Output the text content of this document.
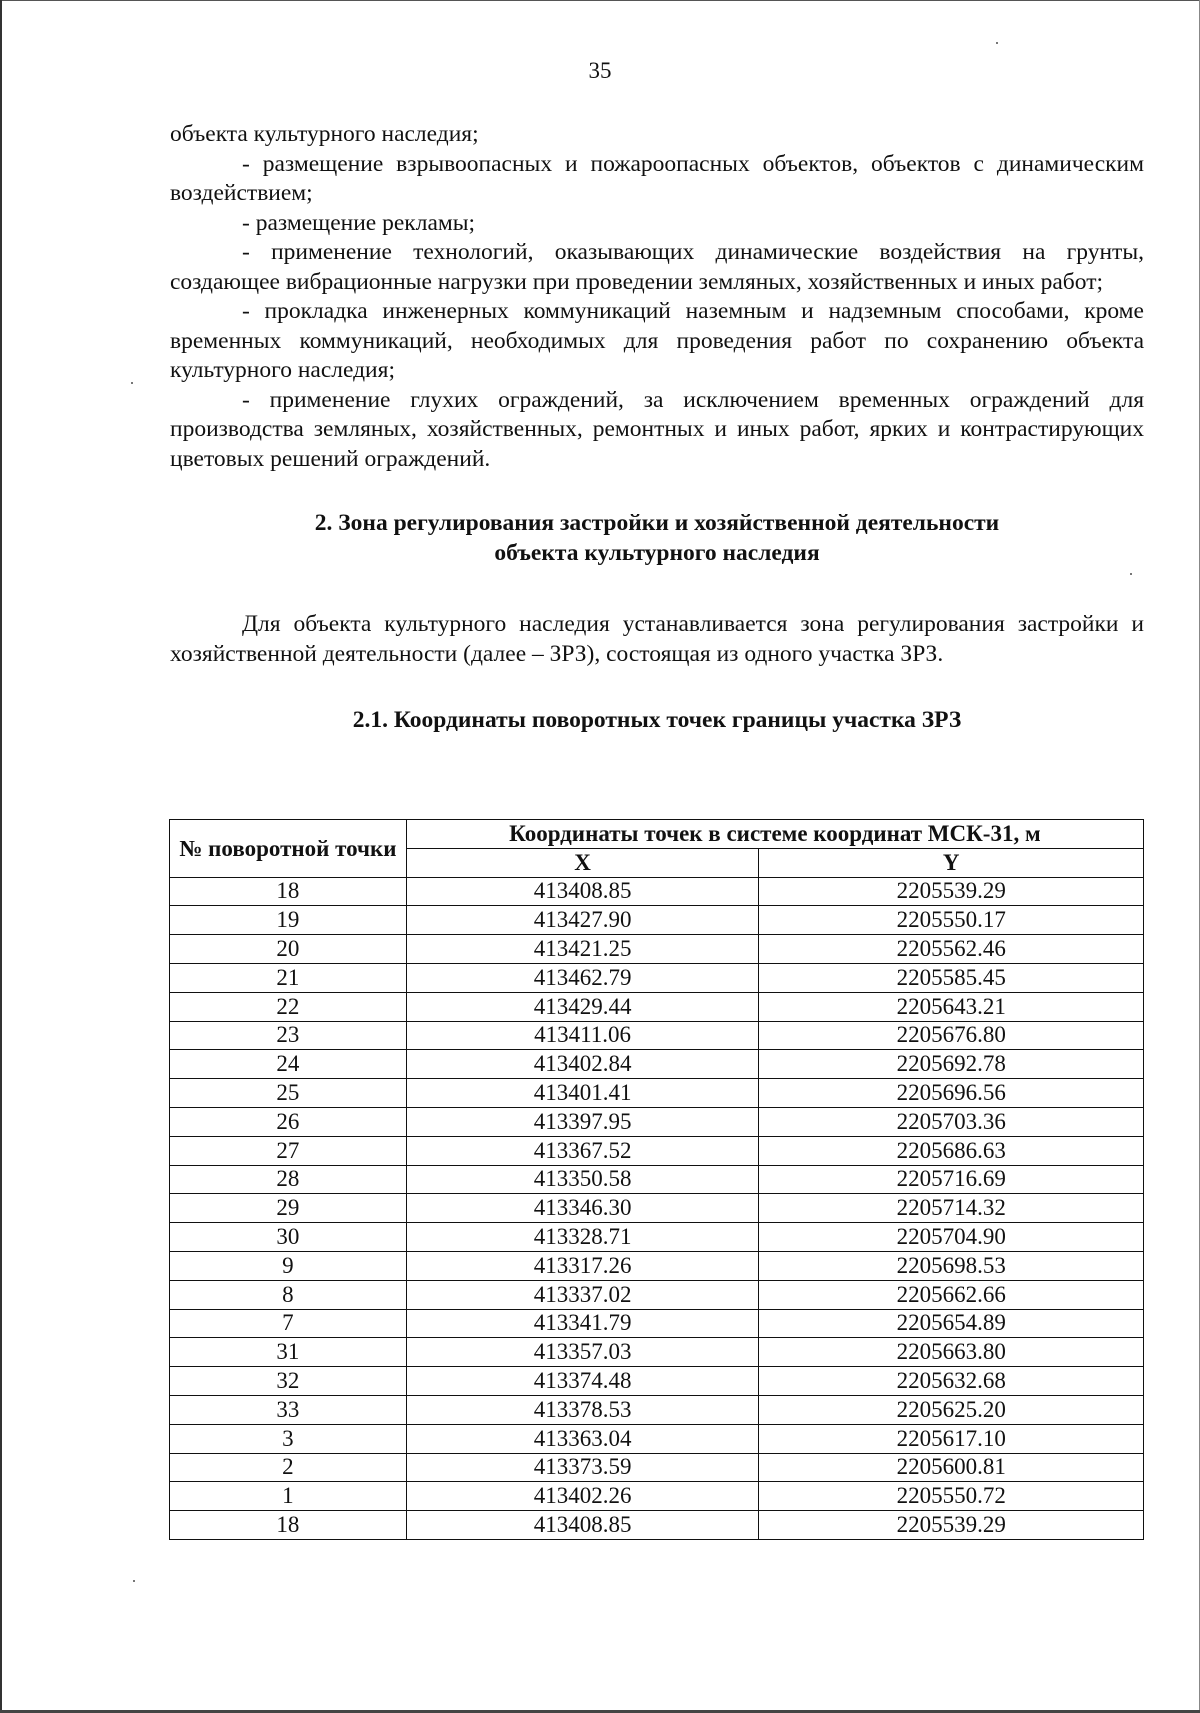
35

объекта культурного наследия;

- размещение взрывоопасных и пожароопасных объектов, объектов с динамическим воздействием;

- размещение рекламы;

- применение технологий, оказывающих динамические воздействия на грунты, создающее вибрационные нагрузки при проведении земляных, хозяйственных и иных работ;

- прокладка инженерных коммуникаций наземным и надземным способами, кроме временных коммуникаций, необходимых для проведения работ по сохранению объекта культурного наследия;

- применение глухих ограждений, за исключением временных ограждений для производства земляных, хозяйственных, ремонтных и иных работ, ярких и контрастирующих цветовых решений ограждений.

2. Зона регулирования застройки и хозяйственной деятельности
объекта культурного наследия

Для объекта культурного наследия устанавливается зона регулирования застройки и хозяйственной деятельности (далее – ЗРЗ), состоящая из одного участка ЗРЗ.

2.1. Координаты поворотных точек границы участка ЗРЗ
№ поворотной точки	Координаты точек в системе координат МСК-31, м	
	X	Y
18	413408.85	2205539.29
19	413427.90	2205550.17
20	413421.25	2205562.46
21	413462.79	2205585.45
22	413429.44	2205643.21
23	413411.06	2205676.80
24	413402.84	2205692.78
25	413401.41	2205696.56
26	413397.95	2205703.36
27	413367.52	2205686.63
28	413350.58	2205716.69
29	413346.30	2205714.32
30	413328.71	2205704.90
9	413317.26	2205698.53
8	413337.02	2205662.66
7	413341.79	2205654.89
31	413357.03	2205663.80
32	413374.48	2205632.68
33	413378.53	2205625.20
3	413363.04	2205617.10
2	413373.59	2205600.81
1	413402.26	2205550.72
18	413408.85	2205539.29
